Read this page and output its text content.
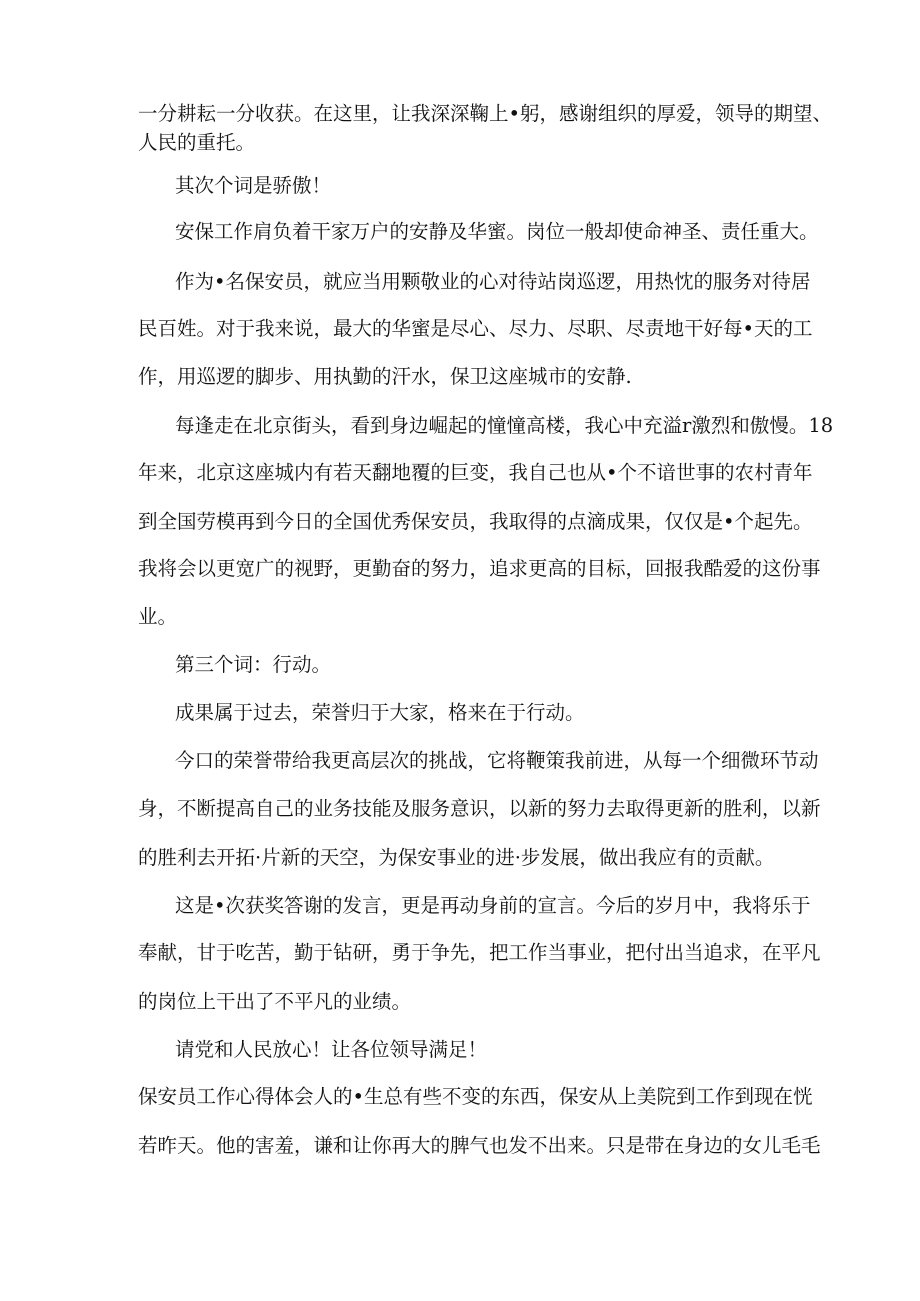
一分耕耘一分收获。在这里，让我深深鞠上•躬，感谢组织的厚爱，领导的期望、
人民的重托。
其次个词是骄傲！
安保工作肩负着干家万户的安静及华蜜。岗位一般却使命神圣、责任重大。
作为•名保安员，就应当用颗敬业的心对待站岗巡逻，用热忱的服务对待居
民百姓。对于我来说，最大的华蜜是尽心、尽力、尽职、尽责地干好每•天的工
作，用巡逻的脚步、用执勤的汗水，保卫这座城市的安静.
每逢走在北京街头，看到身边崛起的憧憧高楼，我心中充溢r激烈和傲慢。18
年来，北京这座城内有若天翻地覆的巨变，我自己也从•个不谙世事的农村青年
到全国劳模再到今日的全国优秀保安员，我取得的点滴成果，仅仅是•个起先。
我将会以更宽广的视野，更勤奋的努力，追求更高的目标，回报我酷爱的这份事
业。
第三个词：行动。
成果属于过去，荣誉归于大家，格来在于行动。
今口的荣誉带给我更高层次的挑战，它将鞭策我前进，从每一个细微环节动
身，不断提高自己的业务技能及服务意识，以新的努力去取得更新的胜利，以新
的胜利去开拓·片新的天空，为保安事业的进·步发展，做出我应有的贡献。
这是•次获奖答谢的发言，更是再动身前的宣言。今后的岁月中，我将乐于
奉献，甘于吃苦，勤于钻研，勇于争先，把工作当事业，把付出当追求，在平凡
的岗位上干出了不平凡的业绩。
请党和人民放心！让各位领导满足！
保安员工作心得体会人的•生总有些不变的东西，保安从上美院到工作到现在恍
若昨天。他的害羞，谦和让你再大的脾气也发不出来。只是带在身边的女儿毛毛
